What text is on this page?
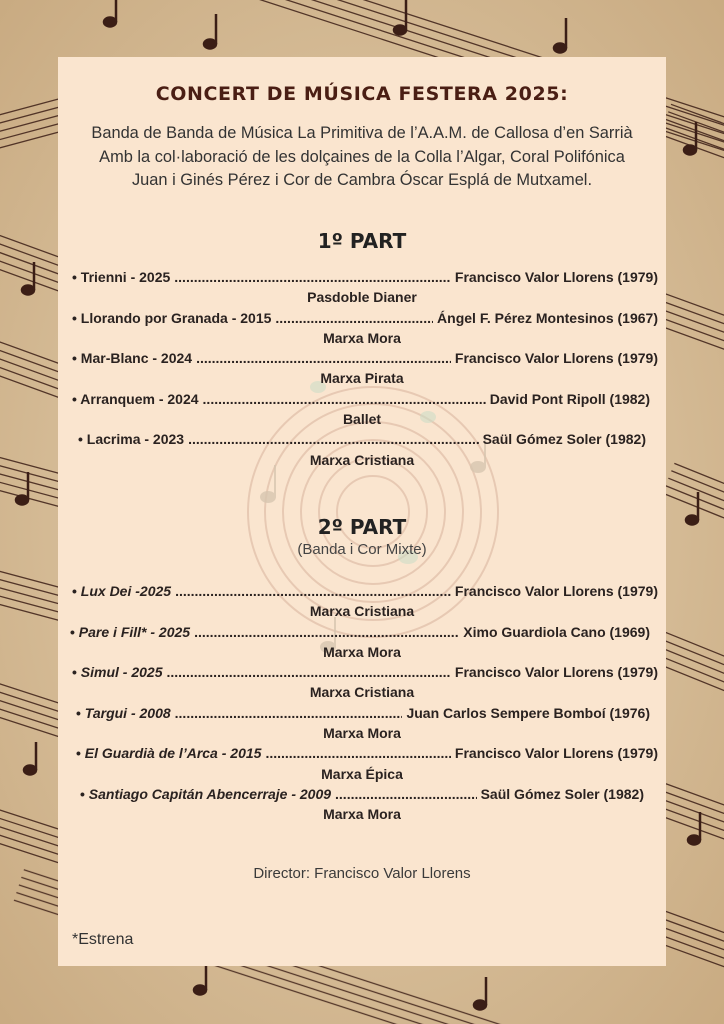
CONCERT DE MÚSICA FESTERA 2025:
Banda de Banda de Música La Primitiva de l’A.A.M. de Callosa d’en Sarrià
Amb la col·laboració de les dolçaines de la Colla l’Algar, Coral Polifónica
Juan i Ginés Pérez i Cor de Cambra Óscar Esplá de Mutxamel.
1º PART
• Trienni - 2025 .....	Francisco Valor Llorens (1979)
Pasdoble Dianer
• Llorando por Granada - 2015 .....	Ángel F. Pérez Montesinos (1967)
Marxa Mora
• Mar-Blanc - 2024 .....	Francisco Valor Llorens (1979)
Marxa Pirata
• Arranquem - 2024 .....	David Pont Ripoll (1982)
Ballet
• Lacrima - 2023 .....	Saül Gómez Soler (1982)
Marxa Cristiana
2º PART
(Banda i Cor Mixte)
• Lux Dei -2025 .....	Francisco Valor Llorens (1979)
Marxa Cristiana
• Pare i Fill* - 2025 .....	Ximo Guardiola Cano (1969)
Marxa Mora
• Simul - 2025 .....	Francisco Valor Llorens (1979)
Marxa Cristiana
• Targui - 2008 .....	Juan Carlos Sempere Bomboí (1976)
Marxa Mora
• El Guardià de l’Arca - 2015 .....	Francisco Valor Llorens (1979)
Marxa Épica
• Santiago Capitán Abencerraje - 2009 .....	Saül Gómez Soler (1982)
Marxa Mora
Director: Francisco Valor Llorens
*Estrena
